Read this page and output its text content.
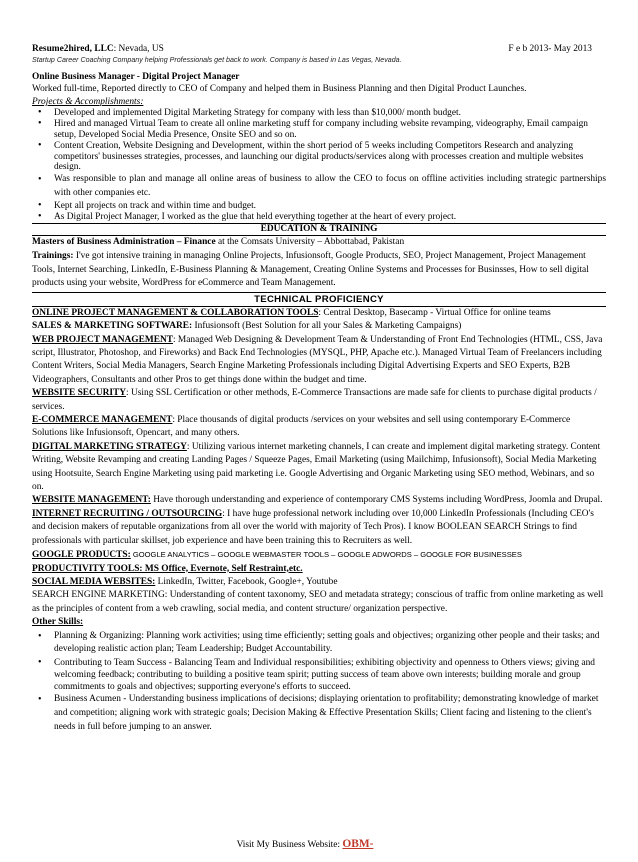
Resume2hired, LLC: Nevada, US	F e b 2013- May 2013

Startup Career Coaching Company helping Professionals get back to work. Company is based in Las Vegas, Nevada.

Online Business Manager - Digital Project Manager

Worked full-time, Reported directly to CEO of Company and helped them in Business Planning and then Digital Product Launches.

Projects & Accomplishments:

• Developed and implemented Digital Marketing Strategy for company with less than $10,000/ month budget.
• Hired and managed Virtual Team to create all online marketing stuff for company including website revamping, videography, Email campaign setup, Developed Social Media Presence, Onsite SEO and so on.
• Content Creation, Website Designing and Development, within the short period of 5 weeks including Competitors Research and analyzing competitors' businesses strategies, processes, and launching our digital products/services along with processes creation and multiple websites design.
• Was responsible to plan and manage all online areas of business to allow the CEO to focus on offline activities including strategic partnerships with other companies etc.
• Kept all projects on track and within time and budget.
• As Digital Project Manager, I worked as the glue that held everything together at the heart of every project.
EDUCATION & TRAINING

Masters of Business Administration – Finance at the Comsats University – Abbottabad, Pakistan

Trainings: I've got intensive training in managing Online Projects, Infusionsoft, Google Products, SEO, Project Management, Project Management Tools, Internet Searching, LinkedIn, E-Business Planning & Management, Creating Online Systems and Processes for Businsses, How to sell digital products using your website, WordPress for eCommerce and Team Management.

TECHNICAL PROFICIENCY

ONLINE PROJECT MANAGEMENT & COLLABORATION TOOLS: Central Desktop, Basecamp - Virtual Office for online teams

SALES & MARKETING SOFTWARE: Infusionsoft (Best Solution for all your Sales & Marketing Campaigns)

WEB PROJECT MANAGEMENT: Managed Web Designing & Development Team & Understanding of Front End Technologies (HTML, CSS, Java script, Illustrator, Photoshop, and Fireworks) and Back End Technologies (MYSQL, PHP, Apache etc.). Managed Virtual Team of Freelancers including Content Writers, Social Media Managers, Search Engine Marketing Professionals including Digital Advertising Experts and SEO Experts, B2B Videographers, Consultants and other Pros to get things done within the budget and time.

WEBSITE SECURITY: Using SSL Certification or other methods, E-Commerce Transactions are made safe for clients to purchase digital products / services.

E-COMMERCE MANAGEMENT: Place thousands of digital products /services on your websites and sell using contemporary E-Commerce Solutions like Infusionsoft, Opencart, and many others.

DIGITAL MARKETING STRATEGY: Utilizing various internet marketing channels, I can create and implement digital marketing strategy. Content Writing, Website Revamping and creating Landing Pages / Squeeze Pages, Email Marketing (using Mailchimp, Infusionsoft), Social Media Marketing using Hootsuite, Search Engine Marketing using paid marketing i.e. Google Advertising and Organic Marketing using SEO method, Webinars, and so on.

WEBSITE MANAGEMENT: Have thorough understanding and experience of contemporary CMS Systems including WordPress, Joomla and Drupal.

INTERNET RECRUITING / OUTSOURCING: I have huge professional network including over 10,000 LinkedIn Professionals (Including CEO's and decision makers of reputable organizations from all over the world with majority of Tech Pros). I know BOOLEAN SEARCH Strings to find professionals with particular skillset, job experience and have been training this to Recruiters as well.

GOOGLE PRODUCTS: GOOGLE ANALYTICS – GOOGLE WEBMASTER TOOLS – GOOGLE ADWORDS – GOOGLE FOR BUSINESSES

PRODUCTIVITY TOOLS: MS Office, Evernote, Self Restraint,etc.

SOCIAL MEDIA WEBSITES: LinkedIn, Twitter, Facebook, Google+, Youtube

SEARCH ENGINE MARKETING: Understanding of content taxonomy, SEO and metadata strategy; conscious of traffic from online marketing as well as the principles of content from a web crawling, social media, and content structure/ organization perspective.

Other Skills:

• Planning & Organizing: Planning work activities; using time efficiently; setting goals and objectives; organizing other people and their tasks; and developing realistic action plan; Team Leadership; Budget Accountability.
• Contributing to Team Success - Balancing Team and Individual responsibilities; exhibiting objectivity and openness to Others views; giving and welcoming feedback; contributing to building a positive team spirit; putting success of team above own interests; building morale and group commitments to goals and objectives; supporting everyone's efforts to succeed.
• Business Acumen - Understanding business implications of decisions; displaying orientation to profitability; demonstrating knowledge of market and competition; aligning work with strategic goals; Decision Making & Effective Presentation Skills; Client facing and listening to the client's needs in full before jumping to an answer.
Visit My Business Website: OBM-
